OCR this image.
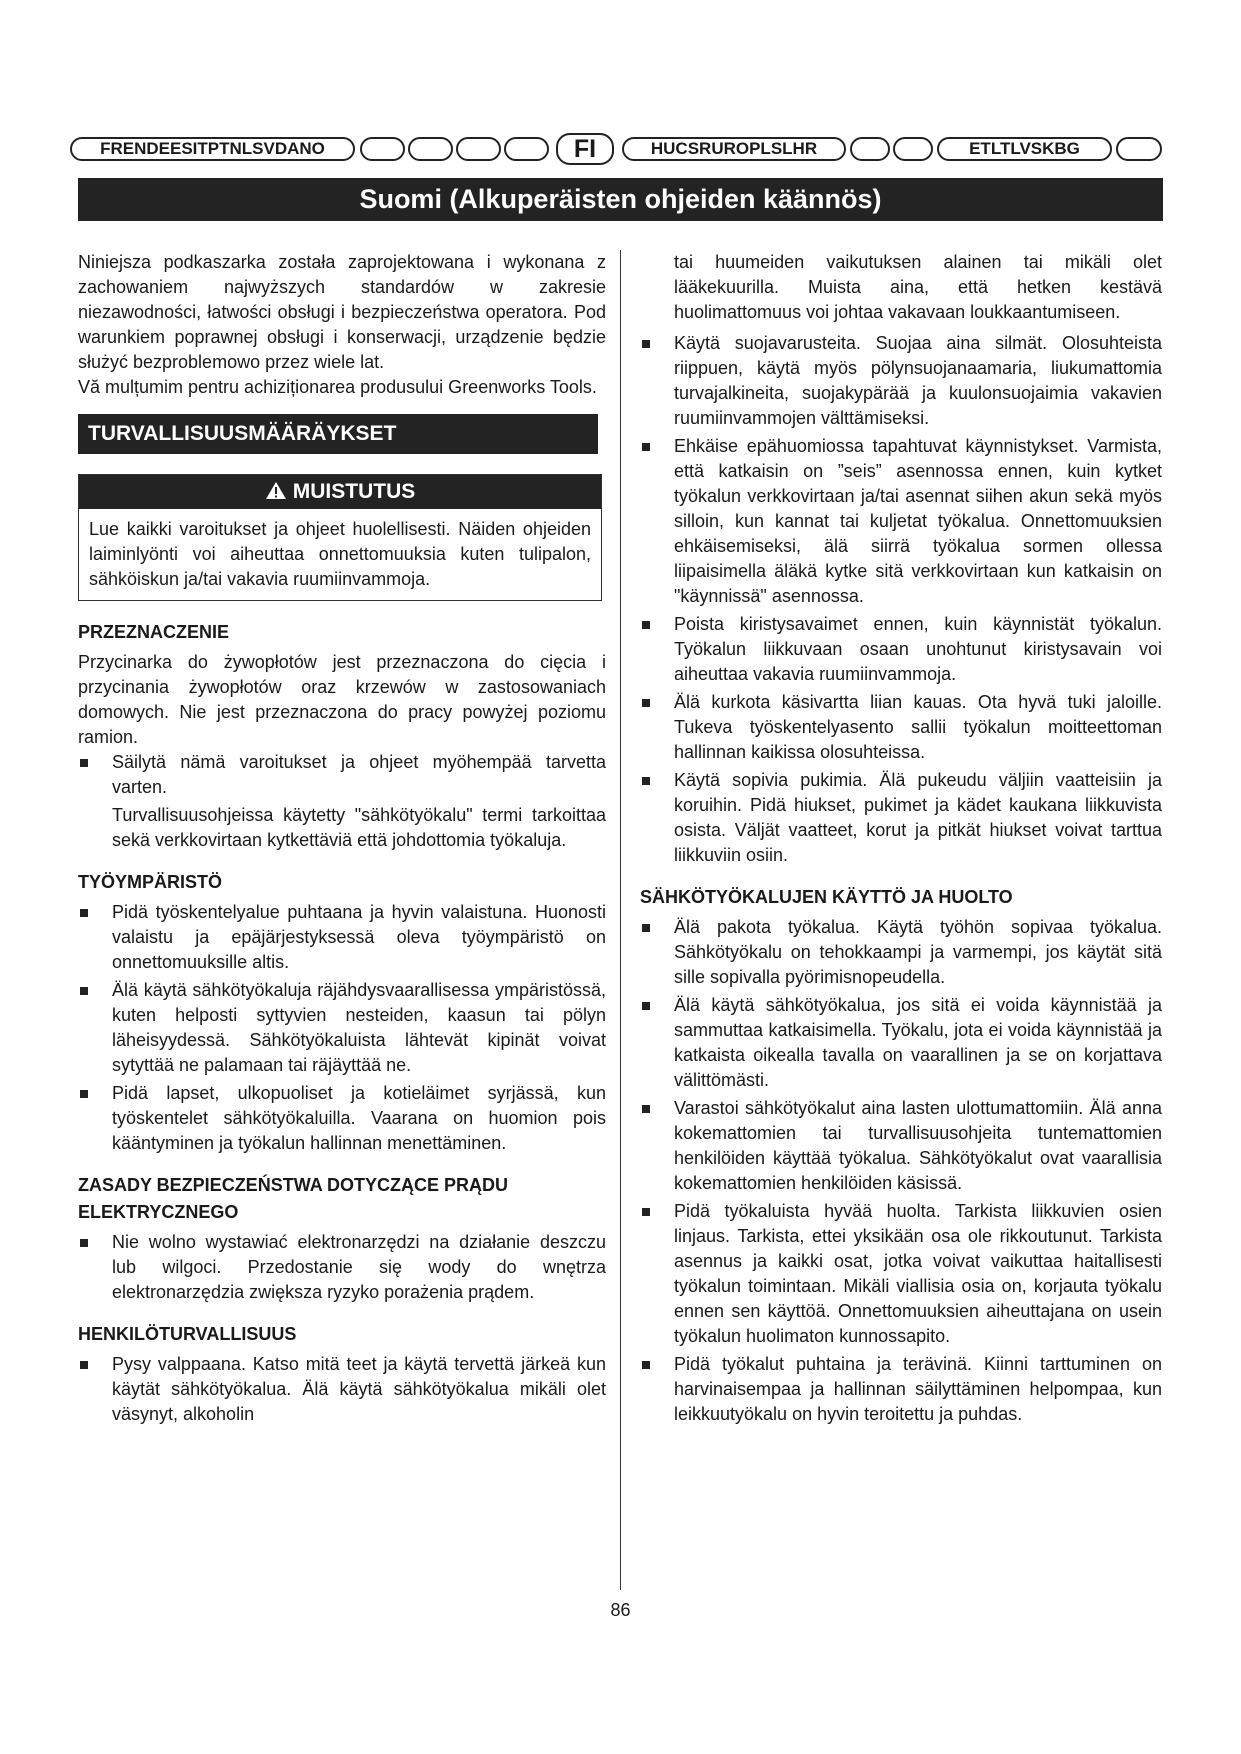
FRENDEESITPTNLSVDANO	FI	HUCSRUROPLSLHR	ETLTLVSKBG
Suomi (Alkuperäisten ohjeiden käännös)

Niniejsza podkaszarka została zaprojektowana i wykonana z zachowaniem najwyższych standardów w zakresie niezawodności, łatwości obsługi i bezpieczeństwa operatora. Pod warunkiem poprawnej obsługi i konserwacji, urządzenie będzie służyć bezproblemowo przez wiele lat.

Vă mulțumim pentru achiziționarea produsului Greenworks Tools.

TURVALLISUUSMÄÄRÄYKSET
MUISTUTUS

Lue kaikki varoitukset ja ohjeet huolellisesti. Näiden ohjeiden laiminlyönti voi aiheuttaa onnettomuuksia kuten tulipalon, sähköiskun ja/tai vakavia ruumiinvammoja.

PRZEZNACZENIE

Przycinarka do żywopłotów jest przeznaczona do cięcia i przycinania żywopłotów oraz krzewów w zastosowaniach domowych. Nie jest przeznaczona do pracy powyżej poziomu ramion.

Säilytä nämä varoitukset ja ohjeet myöhempää tarvetta varten.

Turvallisuusohjeissa käytetty "sähkötyökalu" termi tarkoittaa sekä verkkovirtaan kytkettäviä että johdottomia työkaluja.

TYÖYMPÄRISTÖ
Pidä työskentelyalue puhtaana ja hyvin valaistuna. Huonosti valaistu ja epäjärjestyksessä oleva työympäristö on onnettomuuksille altis.
Älä käytä sähkötyökaluja räjähdysvaarallisessa ympäristössä, kuten helposti syttyvien nesteiden, kaasun tai pölyn läheisyydessä. Sähkötyökaluista lähtevät kipinät voivat sytyttää ne palamaan tai räjäyttää ne.
Pidä lapset, ulkopuoliset ja kotieläimet syrjässä, kun työskentelet sähkötyökaluilla. Vaarana on huomion pois kääntyminen ja työkalun hallinnan menettäminen.
ZASADY BEZPIECZEŃSTWA DOTYCZĄCE PRĄDU ELEKTRYCZNEGO
Nie wolno wystawiać elektronarzędzi na działanie deszczu lub wilgoci. Przedostanie się wody do wnętrza elektronarzędzia zwiększa ryzyko porażenia prądem.
HENKILÖTURVALLISUUS
Pysy valppaana. Katso mitä teet ja käytä tervettä järkeä kun käytät sähkötyökalua. Älä käytä sähkötyökalua mikäli olet väsynyt, alkoholin

tai huumeiden vaikutuksen alainen tai mikäli olet lääkekuurilla. Muista aina, että hetken kestävä huolimattomuus voi johtaa vakavaan loukkaantumiseen.

Käytä suojavarusteita. Suojaa aina silmät. Olosuhteista riippuen, käytä myös pölynsuojanaamaria, liukumattomia turvajalkineita, suojakypärää ja kuulonsuojaimia vakavien ruumiinvammojen välttämiseksi.
Ehkäise epähuomiossa tapahtuvat käynnistykset. Varmista, että katkaisin on ”seis” asennossa ennen, kuin kytket työkalun verkkovirtaan ja/tai asennat siihen akun sekä myös silloin, kun kannat tai kuljetat työkalua. Onnettomuuksien ehkäisemiseksi, älä siirrä työkalua sormen ollessa liipaisimella äläkä kytke sitä verkkovirtaan kun katkaisin on "käynnissä" asennossa.
Poista kiristysavaimet ennen, kuin käynnistät työkalun. Työkalun liikkuvaan osaan unohtunut kiristysavain voi aiheuttaa vakavia ruumiinvammoja.
Älä kurkota käsivartta liian kauas. Ota hyvä tuki jaloille. Tukeva työskentelyasento sallii työkalun moitteettoman hallinnan kaikissa olosuhteissa.
Käytä sopivia pukimia. Älä pukeudu väljiin vaatteisiin ja koruihin. Pidä hiukset, pukimet ja kädet kaukana liikkuvista osista. Väljät vaatteet, korut ja pitkät hiukset voivat tarttua liikkuviin osiin.
SÄHKÖTYÖKALUJEN KÄYTTÖ JA HUOLTO
Älä pakota työkalua. Käytä työhön sopivaa työkalua. Sähkötyökalu on tehokkaampi ja varmempi, jos käytät sitä sille sopivalla pyörimisnopeudella.
Älä käytä sähkötyökalua, jos sitä ei voida käynnistää ja sammuttaa katkaisimella. Työkalu, jota ei voida käynnistää ja katkaista oikealla tavalla on vaarallinen ja se on korjattava välittömästi.
Varastoi sähkötyökalut aina lasten ulottumattomiin. Älä anna kokemattomien tai turvallisuusohjeita tuntemattomien henkilöiden käyttää työkalua. Sähkötyökalut ovat vaarallisia kokemattomien henkilöiden käsissä.
Pidä työkaluista hyvää huolta. Tarkista liikkuvien osien linjaus. Tarkista, ettei yksikään osa ole rikkoutunut. Tarkista asennus ja kaikki osat, jotka voivat vaikuttaa haitallisesti työkalun toimintaan. Mikäli viallisia osia on, korjauta työkalu ennen sen käyttöä. Onnettomuuksien aiheuttajana on usein työkalun huolimaton kunnossapito.
Pidä työkalut puhtaina ja terävinä. Kiinni tarttuminen on harvinaisempaa ja hallinnan säilyttäminen helpompaa, kun leikkuutyökalu on hyvin teroitettu ja puhdas.
86
